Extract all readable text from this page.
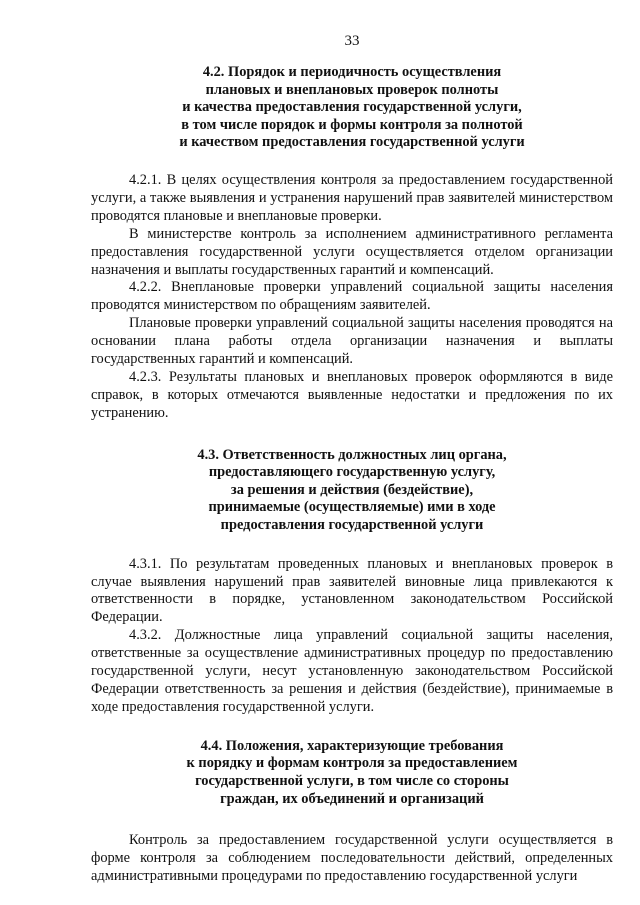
33
4.2. Порядок и периодичность осуществления
плановых и внеплановых проверок полноты
и качества предоставления государственной услуги,
в том числе порядок и формы контроля за полнотой
и качеством предоставления государственной услуги

4.2.1. В целях осуществления контроля за предоставлением государственной услуги, а также выявления и устранения нарушений прав заявителей министерством проводятся плановые и внеплановые проверки.

В министерстве контроль за исполнением административного регламента предоставления государственной услуги осуществляется отделом организации назначения и выплаты государственных гарантий и компенсаций.

4.2.2. Внеплановые проверки управлений социальной защиты населения проводятся министерством по обращениям заявителей.

Плановые проверки управлений социальной защиты населения проводятся на основании плана работы отдела организации назначения и выплаты государственных гарантий и компенсаций.

4.2.3. Результаты плановых и внеплановых проверок оформляются в виде справок, в которых отмечаются выявленные недостатки и предложения по их устранению.

4.3. Ответственность должностных лиц органа,
предоставляющего государственную услугу,
за решения и действия (бездействие),
принимаемые (осуществляемые) ими в ходе
предоставления государственной услуги

4.3.1. По результатам проведенных плановых и внеплановых проверок в случае выявления нарушений прав заявителей виновные лица привлекаются к ответственности в порядке, установленном законодательством Российской Федерации.

4.3.2. Должностные лица управлений социальной защиты населения, ответственные за осуществление административных процедур по предоставлению государственной услуги, несут установленную законодательством Российской Федерации ответственность за решения и действия (бездействие), принимаемые в ходе предоставления государственной услуги.

4.4. Положения, характеризующие требования
к порядку и формам контроля за предоставлением
государственной услуги, в том числе со стороны
граждан, их объединений и организаций

Контроль за предоставлением государственной услуги осуществляется в форме контроля за соблюдением последовательности действий, определенных административными процедурами по предоставлению государственной услуги
